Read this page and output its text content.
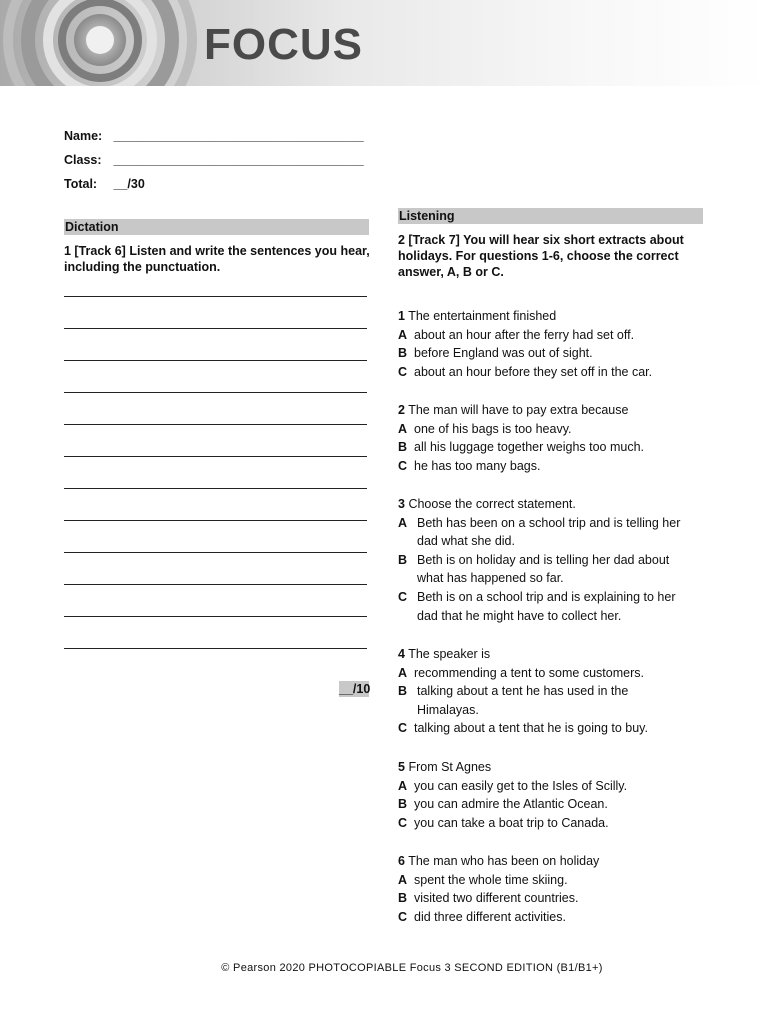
FOCUS
Name: ____________________________________
Class: ____________________________________
Total: __/30
Dictation
1 [Track 6] Listen and write the sentences you hear, including the punctuation.
__/10
Listening
2 [Track 7] You will hear six short extracts about holidays. For questions 1-6, choose the correct answer, A, B or C.
1 The entertainment finished
A about an hour after the ferry had set off.
B before England was out of sight.
C about an hour before they set off in the car.
2 The man will have to pay extra because
A one of his bags is too heavy.
B all his luggage together weighs too much.
C he has too many bags.
3 Choose the correct statement.
A Beth has been on a school trip and is telling her dad what she did.
B Beth is on holiday and is telling her dad about what has happened so far.
C Beth is on a school trip and is explaining to her dad that he might have to collect her.
4 The speaker is
A recommending a tent to some customers.
B talking about a tent he has used in the Himalayas.
C talking about a tent that he is going to buy.
5 From St Agnes
A you can easily get to the Isles of Scilly.
B you can admire the Atlantic Ocean.
C you can take a boat trip to Canada.
6 The man who has been on holiday
A spent the whole time skiing.
B visited two different countries.
C did three different activities.
© Pearson 2020 PHOTOCOPIABLE Focus 3 SECOND EDITION (B1/B1+)
